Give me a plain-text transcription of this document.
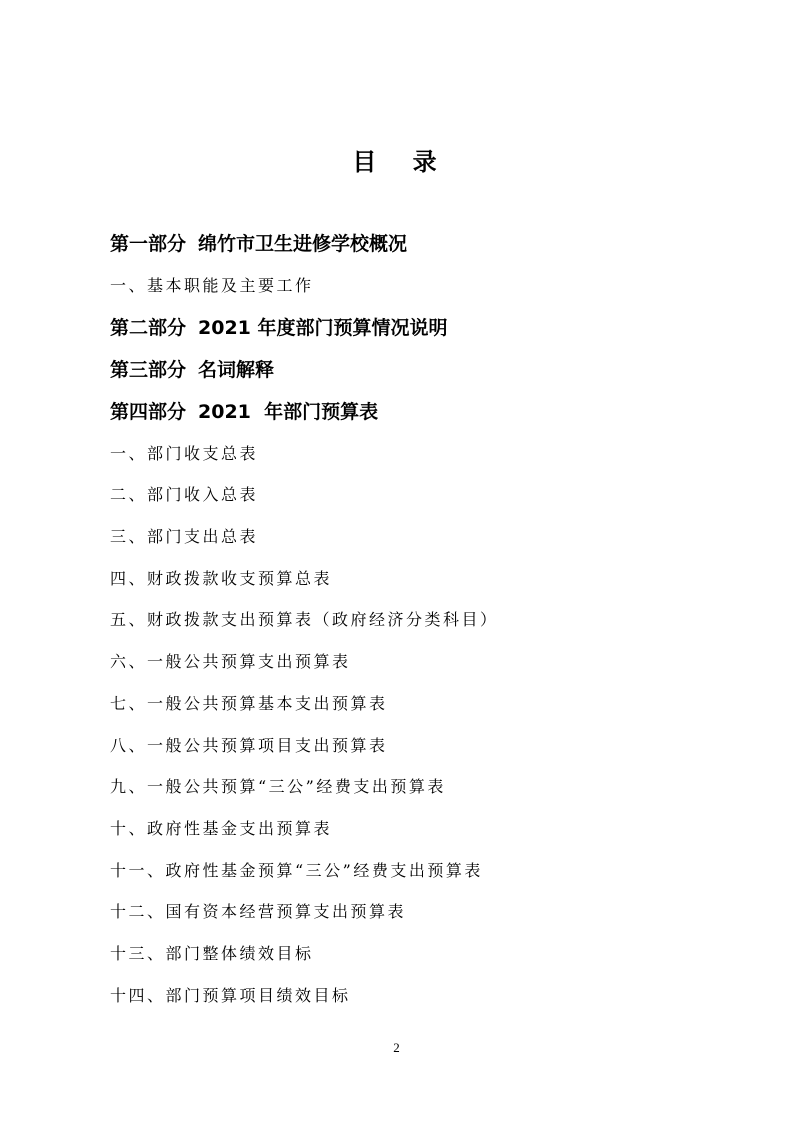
目 录
第一部分 绵竹市卫生进修学校概况
一、基本职能及主要工作
第二部分 2021 年度部门预算情况说明
第三部分 名词解释
第四部分 2021  年部门预算表
一、部门收支总表
二、部门收入总表
三、部门支出总表
四、财政拨款收支预算总表
五、财政拨款支出预算表（政府经济分类科目）
六、一般公共预算支出预算表
七、一般公共预算基本支出预算表
八、一般公共预算项目支出预算表
九、一般公共预算“三公”经费支出预算表
十、政府性基金支出预算表
十一、政府性基金预算“三公”经费支出预算表
十二、国有资本经营预算支出预算表
十三、部门整体绩效目标
十四、部门预算项目绩效目标
2
